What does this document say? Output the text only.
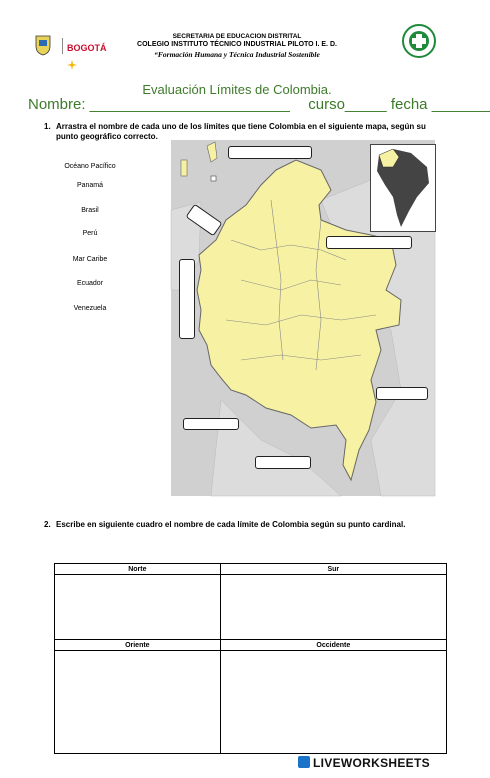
BOGOTÁ
SECRETARIA DE EDUCACION DISTRITAL
COLEGIO INSTITUTO TÉCNICO INDUSTRIAL PILOTO I. E. D.
“Formación Humana y Técnica Industrial Sostenible
Evaluación Límites de Colombia.
Nombre: ________________________ curso_____ fecha _______
1. Arrastra el nombre de cada uno de los límites que tiene Colombia en el siguiente mapa, según su punto geográfico correcto.
Océano Pacífico
Panamá
Brasil
Perú
Mar Caribe
Ecuador
Venezuela
2. Escribe en siguiente cuadro el nombre de cada límite de Colombia según su punto cardinal.
Norte	Sur

Oriente	Occidente

LIVEWORKSHEETS
